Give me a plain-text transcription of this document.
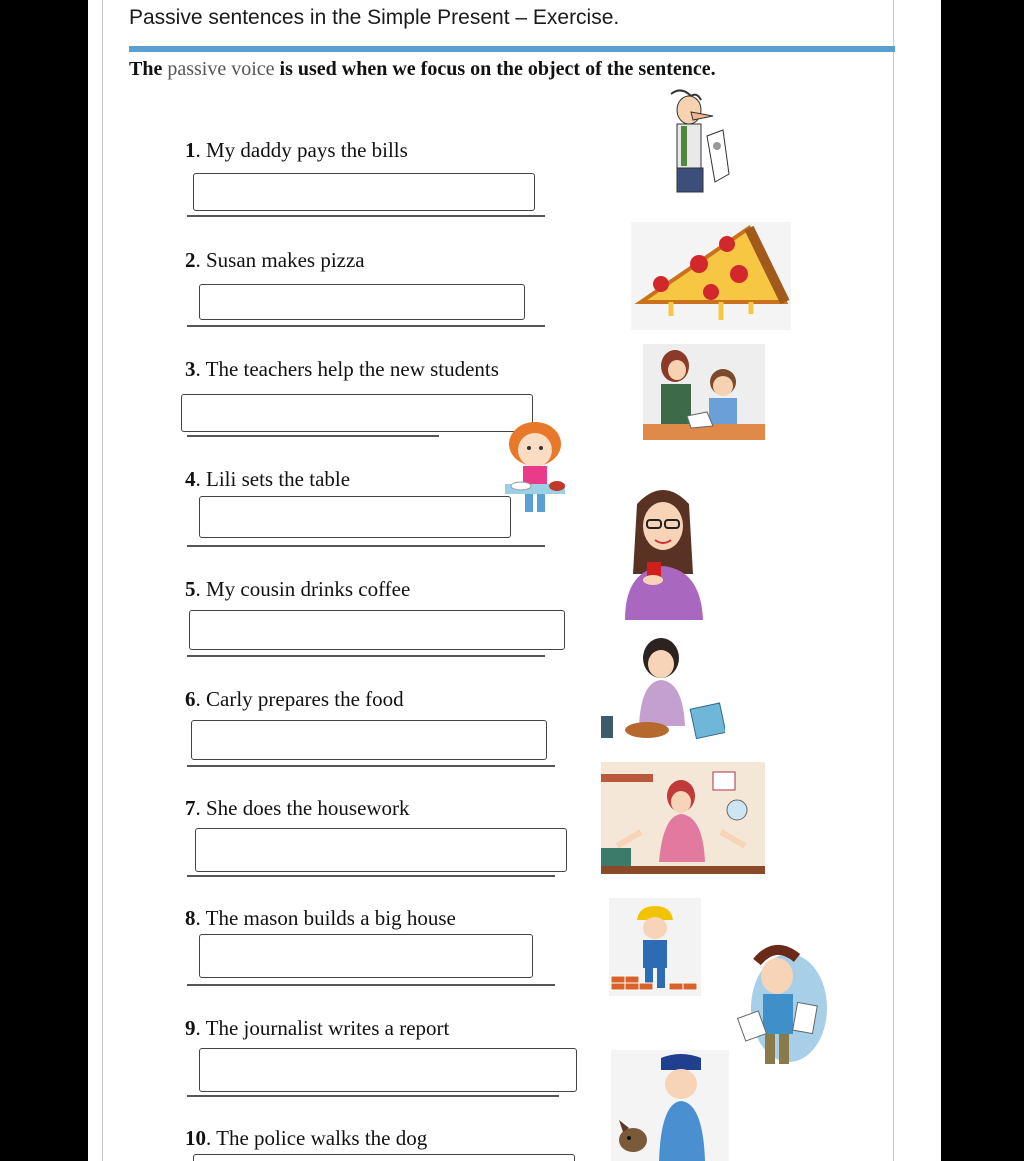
Passive sentences in the Simple Present – Exercise.
The passive voice is used when we focus on the object of the sentence.
1. My daddy pays the bills
2. Susan makes pizza
3. The teachers help the new students
4. Lili sets the table
5. My cousin drinks coffee
6. Carly prepares the food
7. She does the housework
8. The mason builds a big house
9. The journalist writes a report
10. The police walks the dog
